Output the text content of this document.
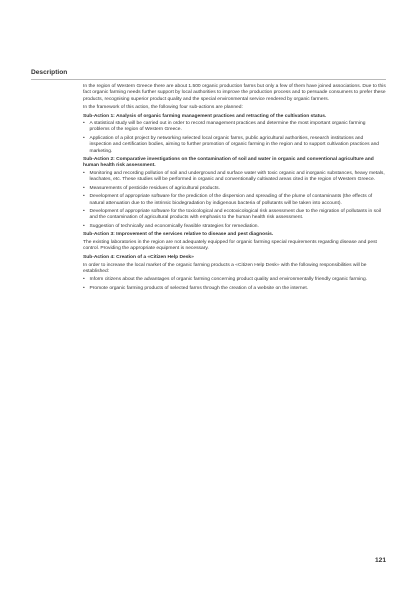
Description

In the region of Western Greece there are about 1.500 organic production farms but only a few of them have joined associations. Due to this fact organic farming needs further support by local authorities to improve the production process and to persuade consumers to prefer these products, recognising superior product quality and the special environmental service rendered by organic farmers.

In the framework of this action, the following four sub-actions are planned:

Sub-Action 1: Analysis of organic farming management practices and retracting of the cultivation status.
• A statistical study will be carried out in order to record management practices and determine the most important organic farming problems of the region of Western Greece.
• Application of a pilot project by networking selected local organic farms, public agricultural authorities, research institutions and inspection and certification bodies, aiming to further promotion of organic farming in the region and to support cultivation practices and marketing.
Sub-Action 2: Comparative investigations on the contamination of soil and water in organic and conventional agriculture and human health risk assessment.
• Monitoring and recording pollution of soil and underground and surface water with toxic organic and inorganic substances, heavy metals, leachates, etc. These studies will be performed in organic and conventionally cultivated areas cited in the region of Western Greece.
• Measurements of pesticide residues of agricultural products.
• Development of appropriate software for the prediction of the dispersion and spreading of the plume of contaminants (the effects of natural attenuation due to the intrinsic biodegradation by indigenous bacteria of pollutants will be taken into account).
• Development of appropriate software for the toxicological and ecotoxicological risk assessment due to the migration of pollutants in soil and the contamination of agricultural products with emphasis to the human health risk assessment.
• Suggestion of technically and economically feasible strategies for remediation.
Sub-Action 3: Improvement of the services relative to disease and pest diagnosis.

The existing laboratories in the region are not adequately equipped for organic farming special requirements regarding disease and pest control. Providing the appropriate equipment is necessary.

Sub-Action 4: Creation of a «Citizen Help Desk»

In order to increase the local market of the organic farming products a «Citizen Help Desk» with the following responsibilities will be established:

• Inform citizens about the advantages of organic farming concerning product quality and environmentally friendly organic farming.
• Promote organic farming products of selected farms through the creation of a website on the internet.
121
